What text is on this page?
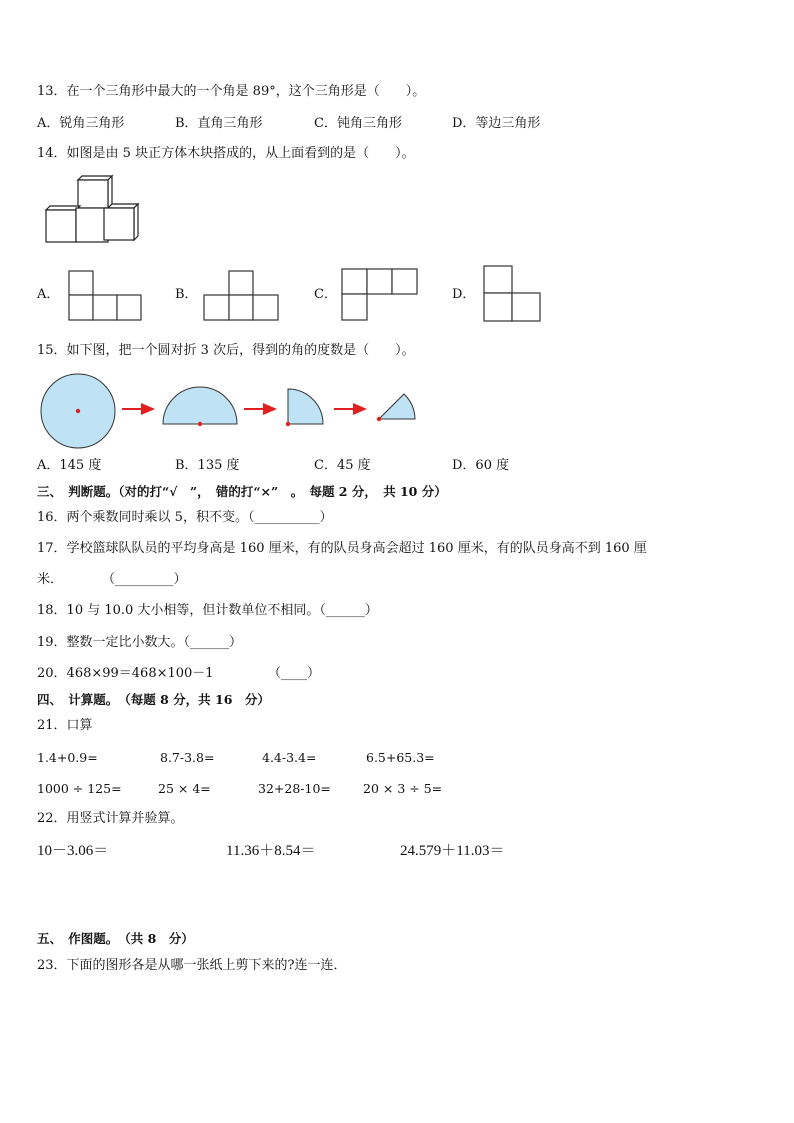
13．在一个三角形中最大的一个角是 89°，这个三角形是（　　）。
A．锐角三角形	B．直角三角形	C．钝角三角形	D．等边三角形
14．如图是由 5 块正方体木块搭成的，从上面看到的是（　　）。
A．	B．	C．	D．
15．如下图，把一个圆对折 3 次后，得到的角的度数是（　　）。
A．145 度	B．135 度	C．45 度	D．60 度
三、　判断题。（对的打“√　”，　错的打“×”　。　每题 2 分，　共 10 分）
16．两个乘数同时乘以 5，积不变。（__________）
17．学校篮球队队员的平均身高是 160 厘米，有的队员身高会超过 160 厘米，有的队员身高不到 160 厘
米．　　　　（_________）
18．10 与 10.0 大小相等，但计数单位不相同。（______）
19．整数一定比小数大。（______）
20．468×99＝468×100－1	（____）
四、　计算题。　（每题 8 分，共 16　分）
21．口算
1.4+0.9=	8.7-3.8=	4.4-3.4=	6.5+65.3=
1000 ÷ 125=	25 × 4=	32+28-10=	20 × 3 ÷ 5=
22．用竖式计算并验算。
10－3.06＝	11.36＋8.54＝	24.579＋11.03＝
五、　作图题。　（共 8　分）
23．下面的图形各是从哪一张纸上剪下来的?连一连．
